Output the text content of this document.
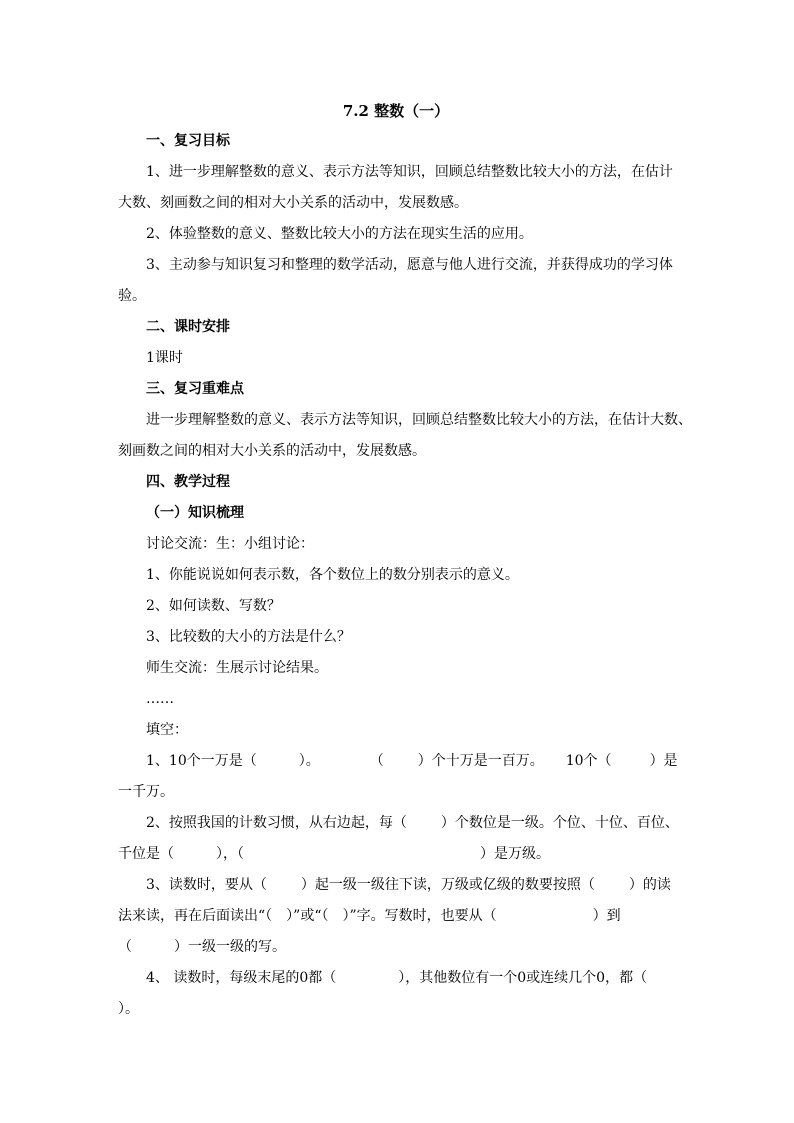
7.2 整数（一）
一、复习目标
1、进一步理解整数的意义、表示方法等知识，回顾总结整数比较大小的方法，在估计
大数、刻画数之间的相对大小关系的活动中，发展数感。
2、体验整数的意义、整数比较大小的方法在现实生活的应用。
3、主动参与知识复习和整理的数学活动，愿意与他人进行交流，并获得成功的学习体
验。
二、课时安排
1课时
三、复习重难点
进一步理解整数的意义、表示方法等知识，回顾总结整数比较大小的方法，在估计大数、
刻画数之间的相对大小关系的活动中，发展数感。
四、教学过程
（一）知识梳理
讨论交流：生：小组讨论：
1、你能说说如何表示数，各个数位上的数分别表示的意义。
2、如何读数、写数？
3、比较数的大小的方法是什么？
师生交流：生展示讨论结果。
……
填空：
1、10个一万是（	）。	（ ）个十万是一百万。 10个（	）是
一千万。
2、按照我国的计数习惯，从右边起，每（ ）个数位是一级。个位、十位、百位、
千位是（	），（	）是万级。
3、读数时，要从（ ）起一级一级往下读，万级或亿级的数要按照（ ）的读
法来读，再在后面读出“（ ）”或“（ ）”字。写数时，也要从（	）到
（	）一级一级的写。
4、 读数时，每级末尾的0都（	），其他数位有一个0或连续几个0，都（
）。
